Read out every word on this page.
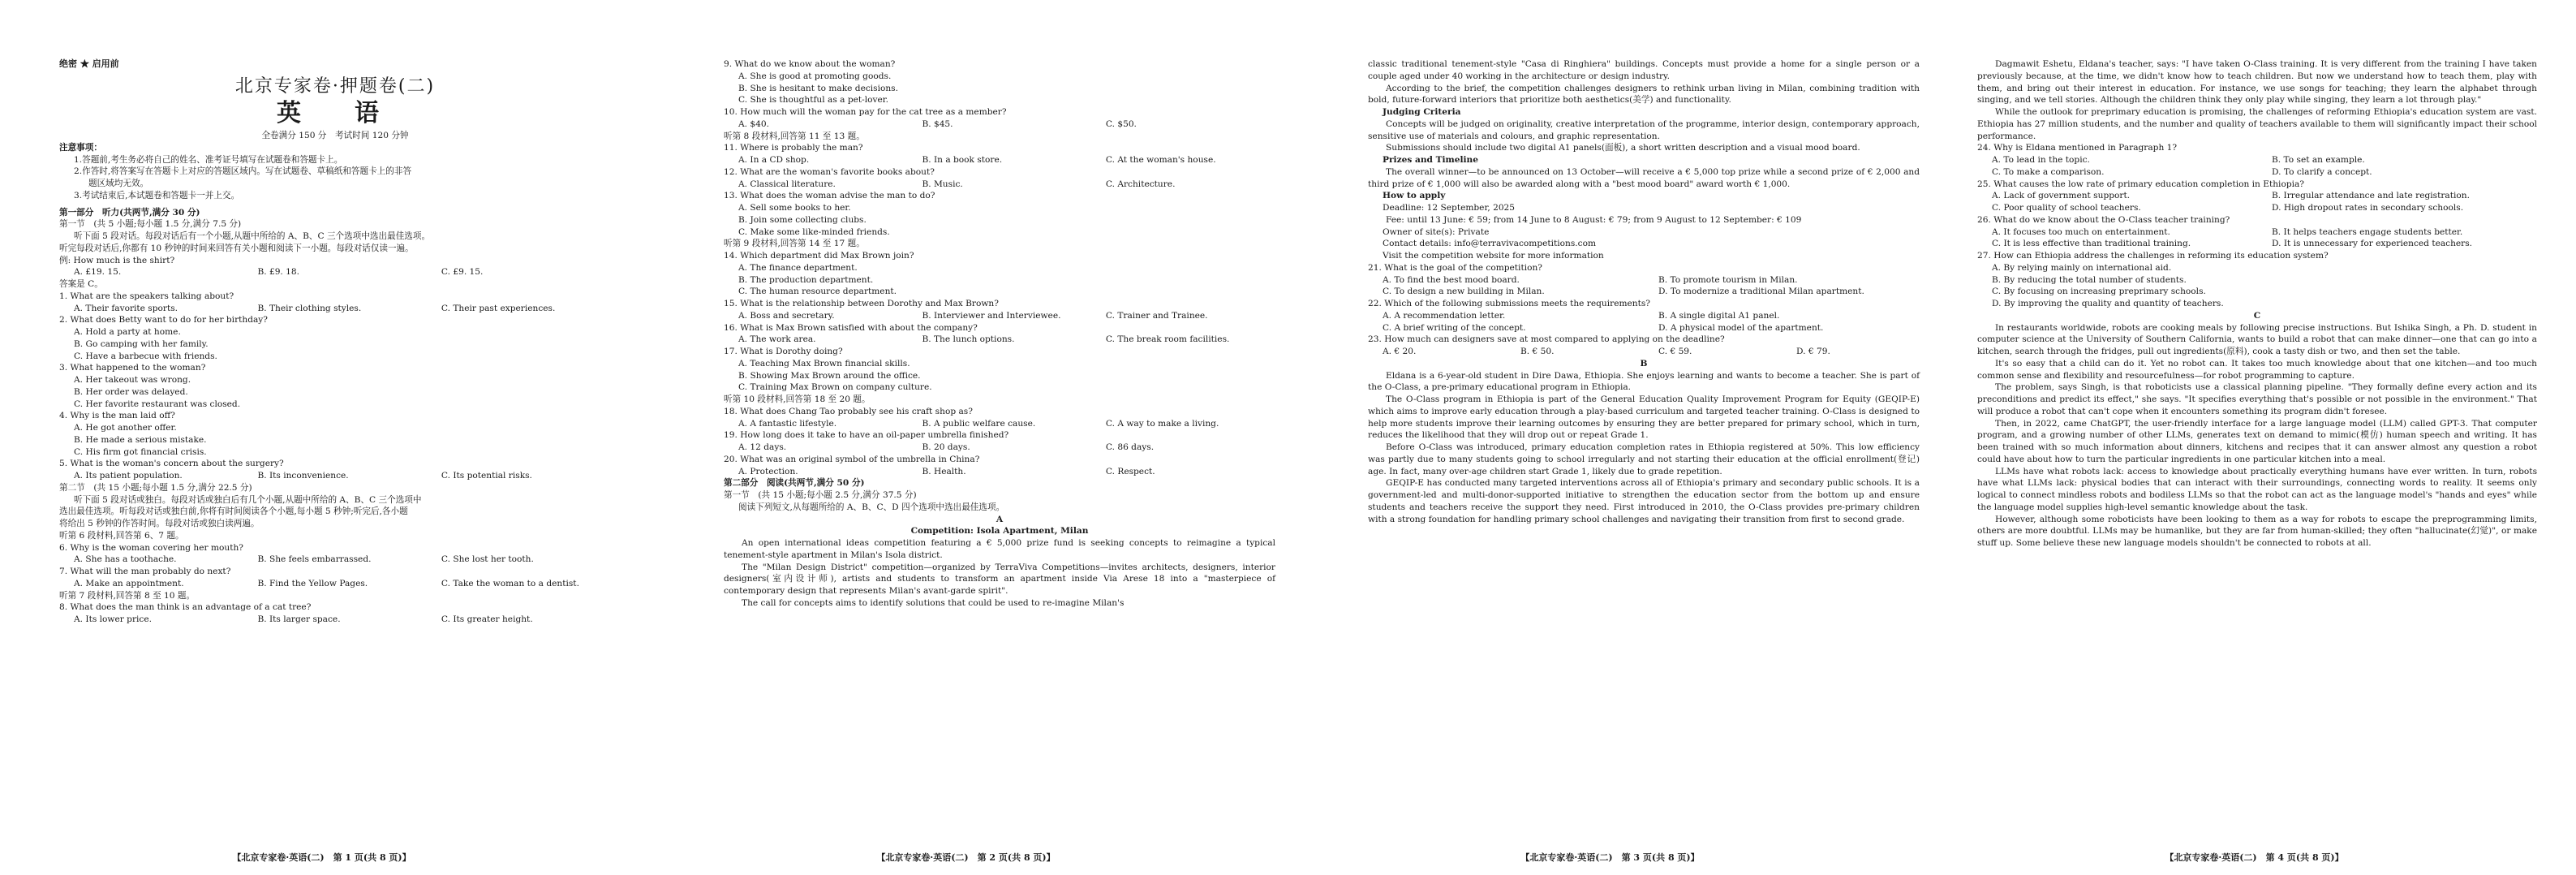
绝密 ★ 启用前
北京专家卷·押题卷(二)
英　语
全卷满分 150 分　考试时间 120 分钟
注意事项：
1.答题前,考生务必将自己的姓名、准考证号填写在试题卷和答题卡上。
2.作答时,将答案写在答题卡上对应的答题区域内。写在试题卷、草稿纸和答题卡上的非答
题区域均无效。
3.考试结束后,本试题卷和答题卡一并上交。
第一部分　听力(共两节,满分 30 分)
第一节　(共 5 小题;每小题 1.5 分,满分 7.5 分)
听下面 5 段对话。每段对话后有一个小题,从题中所给的 A、B、C 三个选项中选出最佳选项。
听完每段对话后,你都有 10 秒钟的时间来回答有关小题和阅读下一小题。每段对话仅读一遍。
例: How much is the shirt?
A. £19. 15.	B. £9. 18.	C. £9. 15.
答案是 C。
1. What are the speakers talking about?
A. Their favorite sports.	B. Their clothing styles.	C. Their past experiences.
2. What does Betty want to do for her birthday?
A. Hold a party at home.
B. Go camping with her family.
C. Have a barbecue with friends.
3. What happened to the woman?
A. Her takeout was wrong.
B. Her order was delayed.
C. Her favorite restaurant was closed.
4. Why is the man laid off?
A. He got another offer.
B. He made a serious mistake.
C. His firm got financial crisis.
5. What is the woman's concern about the surgery?
A. Its patient population.	B. Its inconvenience.	C. Its potential risks.
第二节　(共 15 小题;每小题 1.5 分,满分 22.5 分)
听下面 5 段对话或独白。每段对话或独白后有几个小题,从题中所给的 A、B、C 三个选项中
选出最佳选项。听每段对话或独白前,你将有时间阅读各个小题,每小题 5 秒钟;听完后,各小题
将给出 5 秒钟的作答时间。每段对话或独白读两遍。
听第 6 段材料,回答第 6、7 题。
6. Why is the woman covering her mouth?
A. She has a toothache.	B. She feels embarrassed.	C. She lost her tooth.
7. What will the man probably do next?
A. Make an appointment.	B. Find the Yellow Pages.	C. Take the woman to a dentist.
听第 7 段材料,回答第 8 至 10 题。
8. What does the man think is an advantage of a cat tree?
A. Its lower price.	B. Its larger space.	C. Its greater height.
【北京专家卷·英语(二)　第 1 页(共 8 页)】
9. What do we know about the woman?
A. She is good at promoting goods.
B. She is hesitant to make decisions.
C. She is thoughtful as a pet-lover.
10. How much will the woman pay for the cat tree as a member?
A. $40.	B. $45.	C. $50.
听第 8 段材料,回答第 11 至 13 题。
11. Where is probably the man?
A. In a CD shop.	B. In a book store.	C. At the woman's house.
12. What are the woman's favorite books about?
A. Classical literature.	B. Music.	C. Architecture.
13. What does the woman advise the man to do?
A. Sell some books to her.
B. Join some collecting clubs.
C. Make some like-minded friends.
听第 9 段材料,回答第 14 至 17 题。
14. Which department did Max Brown join?
A. The finance department.
B. The production department.
C. The human resource department.
15. What is the relationship between Dorothy and Max Brown?
A. Boss and secretary.	B. Interviewer and Interviewee.	C. Trainer and Trainee.
16. What is Max Brown satisfied with about the company?
A. The work area.	B. The lunch options.	C. The break room facilities.
17. What is Dorothy doing?
A. Teaching Max Brown financial skills.
B. Showing Max Brown around the office.
C. Training Max Brown on company culture.
听第 10 段材料,回答第 18 至 20 题。
18. What does Chang Tao probably see his craft shop as?
A. A fantastic lifestyle.	B. A public welfare cause.	C. A way to make a living.
19. How long does it take to have an oil-paper umbrella finished?
A. 12 days.	B. 20 days.	C. 86 days.
20. What was an original symbol of the umbrella in China?
A. Protection.	B. Health.	C. Respect.
第二部分　阅读(共两节,满分 50 分)
第一节　(共 15 小题;每小题 2.5 分,满分 37.5 分)
阅读下列短文,从每题所给的 A、B、C、D 四个选项中选出最佳选项。
A
Competition: Isola Apartment, Milan
An open international ideas competition featuring a € 5,000 prize fund is seeking concepts to reimagine a typical tenement-style apartment in Milan's Isola district.
The "Milan Design District" competition—organized by TerraViva Competitions—invites architects, designers, interior designers(室内设计师), artists and students to transform an apartment inside Via Arese 18 into a "masterpiece of contemporary design that represents Milan's avant-garde spirit".
The call for concepts aims to identify solutions that could be used to re-imagine Milan's
【北京专家卷·英语(二)　第 2 页(共 8 页)】
classic traditional tenement-style "Casa di Ringhiera" buildings. Concepts must provide a home for a single person or a couple aged under 40 working in the architecture or design industry.
According to the brief, the competition challenges designers to rethink urban living in Milan, combining tradition with bold, future-forward interiors that prioritize both aesthetics(美学) and functionality.
Judging Criteria
Concepts will be judged on originality, creative interpretation of the programme, interior design, contemporary approach, sensitive use of materials and colours, and graphic representation.
Submissions should include two digital A1 panels(面板), a short written description and a visual mood board.
Prizes and Timeline
The overall winner—to be announced on 13 October—will receive a € 5,000 top prize while a second prize of € 2,000 and third prize of € 1,000 will also be awarded along with a "best mood board" award worth € 1,000.
How to apply
Deadline: 12 September, 2025
Fee: until 13 June: € 59; from 14 June to 8 August: € 79; from 9 August to 12 September: € 109
Owner of site(s): Private
Contact details: info@terravivacompetitions.com
Visit the competition website for more information
21. What is the goal of the competition?
A. To find the best mood board.	B. To promote tourism in Milan.
C. To design a new building in Milan.	D. To modernize a traditional Milan apartment.
22. Which of the following submissions meets the requirements?
A. A recommendation letter.	B. A single digital A1 panel.
C. A brief writing of the concept.	D. A physical model of the apartment.
23. How much can designers save at most compared to applying on the deadline?
A. € 20.	B. € 50.	C. € 59.	D. € 79.
B
Eldana is a 6-year-old student in Dire Dawa, Ethiopia. She enjoys learning and wants to become a teacher. She is part of the O-Class, a pre-primary educational program in Ethiopia.
The O-Class program in Ethiopia is part of the General Education Quality Improvement Program for Equity (GEQIP-E) which aims to improve early education through a play-based curriculum and targeted teacher training. O-Class is designed to help more students improve their learning outcomes by ensuring they are better prepared for primary school, which in turn, reduces the likelihood that they will drop out or repeat Grade 1.
Before O-Class was introduced, primary education completion rates in Ethiopia registered at 50%. This low efficiency was partly due to many students going to school irregularly and not starting their education at the official enrollment(登记) age. In fact, many over-age children start Grade 1, likely due to grade repetition.
GEQIP-E has conducted many targeted interventions across all of Ethiopia's primary and secondary public schools. It is a government-led and multi-donor-supported initiative to strengthen the education sector from the bottom up and ensure students and teachers receive the support they need. First introduced in 2010, the O-Class provides pre-primary children with a strong foundation for handling primary school challenges and navigating their transition from first to second grade.
【北京专家卷·英语(二)　第 3 页(共 8 页)】
Dagmawit Eshetu, Eldana's teacher, says: "I have taken O-Class training. It is very different from the training I have taken previously because, at the time, we didn't know how to teach children. But now we understand how to teach them, play with them, and bring out their interest in education. For instance, we use songs for teaching; they learn the alphabet through singing, and we tell stories. Although the children think they only play while singing, they learn a lot through play."
While the outlook for preprimary education is promising, the challenges of reforming Ethiopia's education system are vast. Ethiopia has 27 million students, and the number and quality of teachers available to them will significantly impact their school performance.
24. Why is Eldana mentioned in Paragraph 1?
A. To lead in the topic.	B. To set an example.
C. To make a comparison.	D. To clarify a concept.
25. What causes the low rate of primary education completion in Ethiopia?
A. Lack of government support.	B. Irregular attendance and late registration.
C. Poor quality of school teachers.	D. High dropout rates in secondary schools.
26. What do we know about the O-Class teacher training?
A. It focuses too much on entertainment.	B. It helps teachers engage students better.
C. It is less effective than traditional training.	D. It is unnecessary for experienced teachers.
27. How can Ethiopia address the challenges in reforming its education system?
A. By relying mainly on international aid.
B. By reducing the total number of students.
C. By focusing on increasing preprimary schools.
D. By improving the quality and quantity of teachers.
C
In restaurants worldwide, robots are cooking meals by following precise instructions. But Ishika Singh, a Ph. D. student in computer science at the University of Southern California, wants to build a robot that can make dinner—one that can go into a kitchen, search through the fridges, pull out ingredients(原料), cook a tasty dish or two, and then set the table.
It's so easy that a child can do it. Yet no robot can. It takes too much knowledge about that one kitchen—and too much common sense and flexibility and resourcefulness—for robot programming to capture.
The problem, says Singh, is that roboticists use a classical planning pipeline. "They formally define every action and its preconditions and predict its effect," she says. "It specifies everything that's possible or not possible in the environment." That will produce a robot that can't cope when it encounters something its program didn't foresee.
Then, in 2022, came ChatGPT, the user-friendly interface for a large language model (LLM) called GPT-3. That computer program, and a growing number of other LLMs, generates text on demand to mimic(模仿) human speech and writing. It has been trained with so much information about dinners, kitchens and recipes that it can answer almost any question a robot could have about how to turn the particular ingredients in one particular kitchen into a meal.
LLMs have what robots lack: access to knowledge about practically everything humans have ever written. In turn, robots have what LLMs lack: physical bodies that can interact with their surroundings, connecting words to reality. It seems only logical to connect mindless robots and bodiless LLMs so that the robot can act as the language model's "hands and eyes" while the language model supplies high-level semantic knowledge about the task.
However, although some roboticists have been looking to them as a way for robots to escape the preprogramming limits, others are more doubtful. LLMs may be humanlike, but they are far from human-skilled; they often "hallucinate(幻觉)", or make stuff up. Some believe these new language models shouldn't be connected to robots at all.
【北京专家卷·英语(二)　第 4 页(共 8 页)】
